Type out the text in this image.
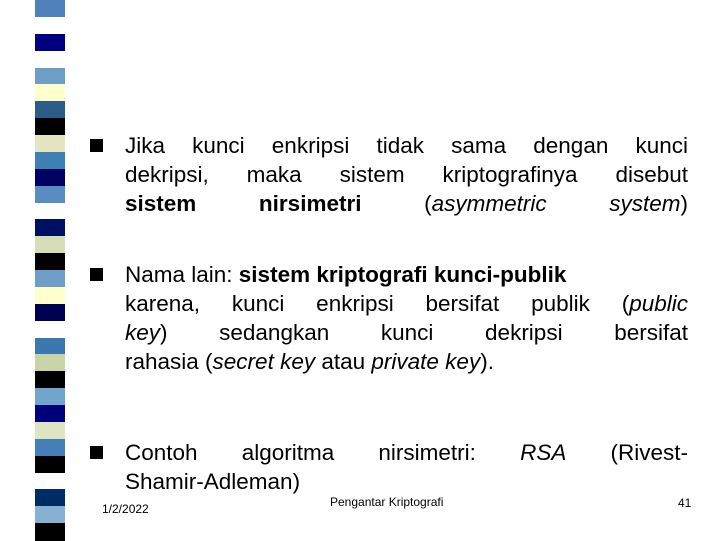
Jika kunci enkripsi tidak sama dengan kunci
dekripsi, maka sistem kriptografinya disebut
sistem nirsimetri (asymmetric system)
Nama lain: sistem kriptografi kunci-publik
karena, kunci enkripsi bersifat publik (public
key) sedangkan kunci dekripsi bersifat
rahasia (secret key atau private key).
Contoh algoritma nirsimetri: RSA (Rivest-
Shamir-Adleman)
1/2/2022	Pengantar Kriptografi	41
